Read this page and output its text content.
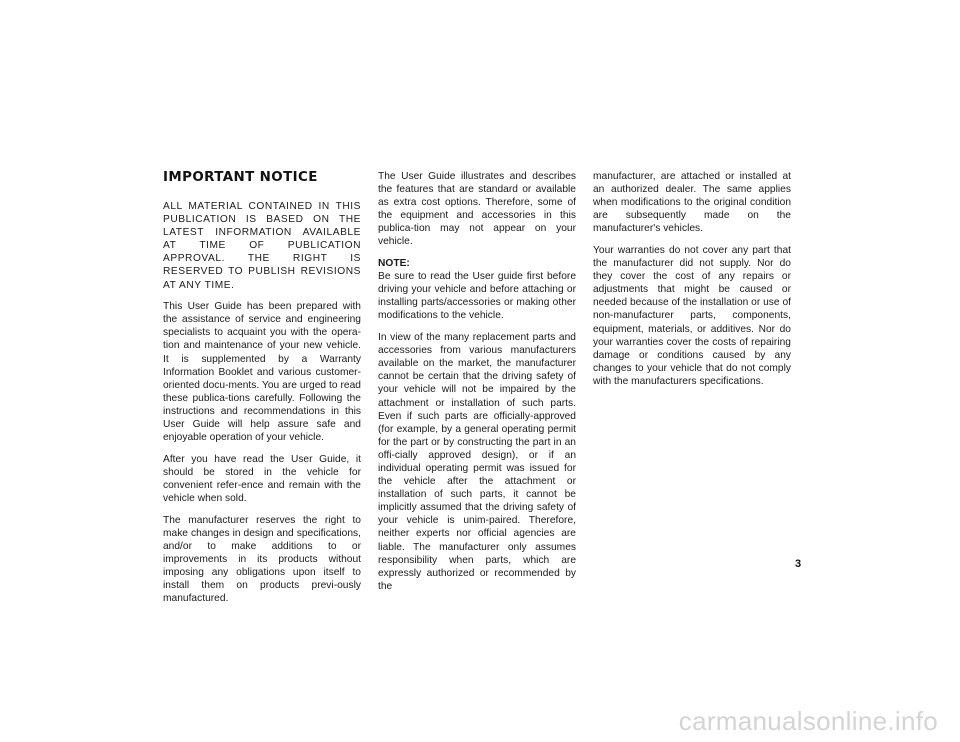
IMPORTANT NOTICE

ALL MATERIAL CONTAINED IN THIS PUBLICATION IS BASED ON THE LATEST INFORMATION AVAILABLE AT TIME OF PUBLICATION APPROVAL. THE RIGHT IS RESERVED TO PUBLISH REVISIONS AT ANY TIME.

This User Guide has been prepared with the assistance of service and engineering specialists to acquaint you with the opera-tion and maintenance of your new vehicle. It is supplemented by a Warranty Information Booklet and various customer-oriented docu-ments. You are urged to read these publica-tions carefully. Following the instructions and recommendations in this User Guide will help assure safe and enjoyable operation of your vehicle.

After you have read the User Guide, it should be stored in the vehicle for convenient refer-ence and remain with the vehicle when sold.

The manufacturer reserves the right to make changes in design and specifications, and/or to make additions to or improvements in its products without imposing any obligations upon itself to install them on products previ-ously manufactured.

The User Guide illustrates and describes the features that are standard or available as extra cost options. Therefore, some of the equipment and accessories in this publica-tion may not appear on your vehicle.

NOTE:
Be sure to read the User guide first before driving your vehicle and before attaching or installing parts/accessories or making other modifications to the vehicle.

In view of the many replacement parts and accessories from various manufacturers available on the market, the manufacturer cannot be certain that the driving safety of your vehicle will not be impaired by the attachment or installation of such parts. Even if such parts are officially-approved (for example, by a general operating permit for the part or by constructing the part in an offi-cially approved design), or if an individual operating permit was issued for the vehicle after the attachment or installation of such parts, it cannot be implicitly assumed that the driving safety of your vehicle is unim-paired. Therefore, neither experts nor official agencies are liable. The manufacturer only assumes responsibility when parts, which are expressly authorized or recommended by the

manufacturer, are attached or installed at an authorized dealer. The same applies when modifications to the original condition are subsequently made on the manufacturer's vehicles.

Your warranties do not cover any part that the manufacturer did not supply. Nor do they cover the cost of any repairs or adjustments that might be caused or needed because of the installation or use of non-manufacturer parts, components, equipment, materials, or additives. Nor do your warranties cover the costs of repairing damage or conditions caused by any changes to your vehicle that do not comply with the manufacturers specifications.

3
carmanualsonline.info
